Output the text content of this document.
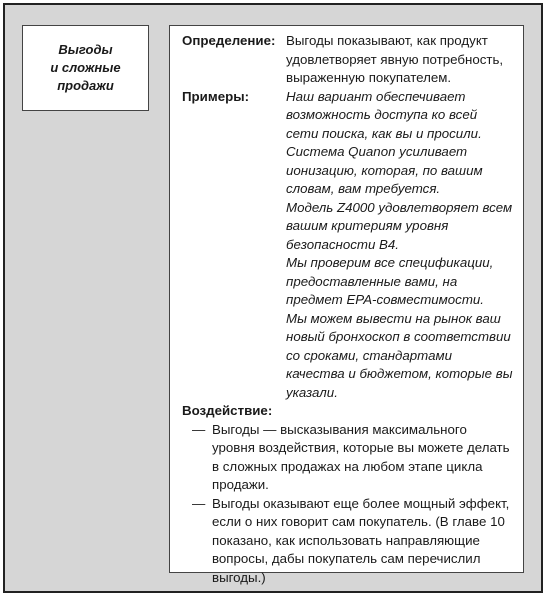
Выгоды
и сложные
продажи
Определение: Выгоды показывают, как продукт удовлетворяет явную потребность, выраженную покупателем.
Примеры:	Наш вариант обеспечивает возможность доступа ко всей сети поиска, как вы и просили.
Система Quanon усиливает ионизацию, которая, по вашим словам, вам требуется.
Модель Z4000 удовлетворяет всем вашим критериям уровня безопасности B4.
Мы проверим все спецификации, предоставленные вами, на предмет EPA-совместимости.
Мы можем вывести на рынок ваш новый бронхоскоп в соответствии со сроками, стандартами качества и бюджетом, которые вы указали.
Воздействие:
— Выгоды — высказывания максимального уровня воздействия, которые вы можете делать в сложных продажах на любом этапе цикла продажи.
— Выгоды оказывают еще более мощный эффект, если о них говорит сам покупатель. (В главе 10 показано, как использовать направляющие вопросы, дабы покупатель сам перечислил выгоды.)
